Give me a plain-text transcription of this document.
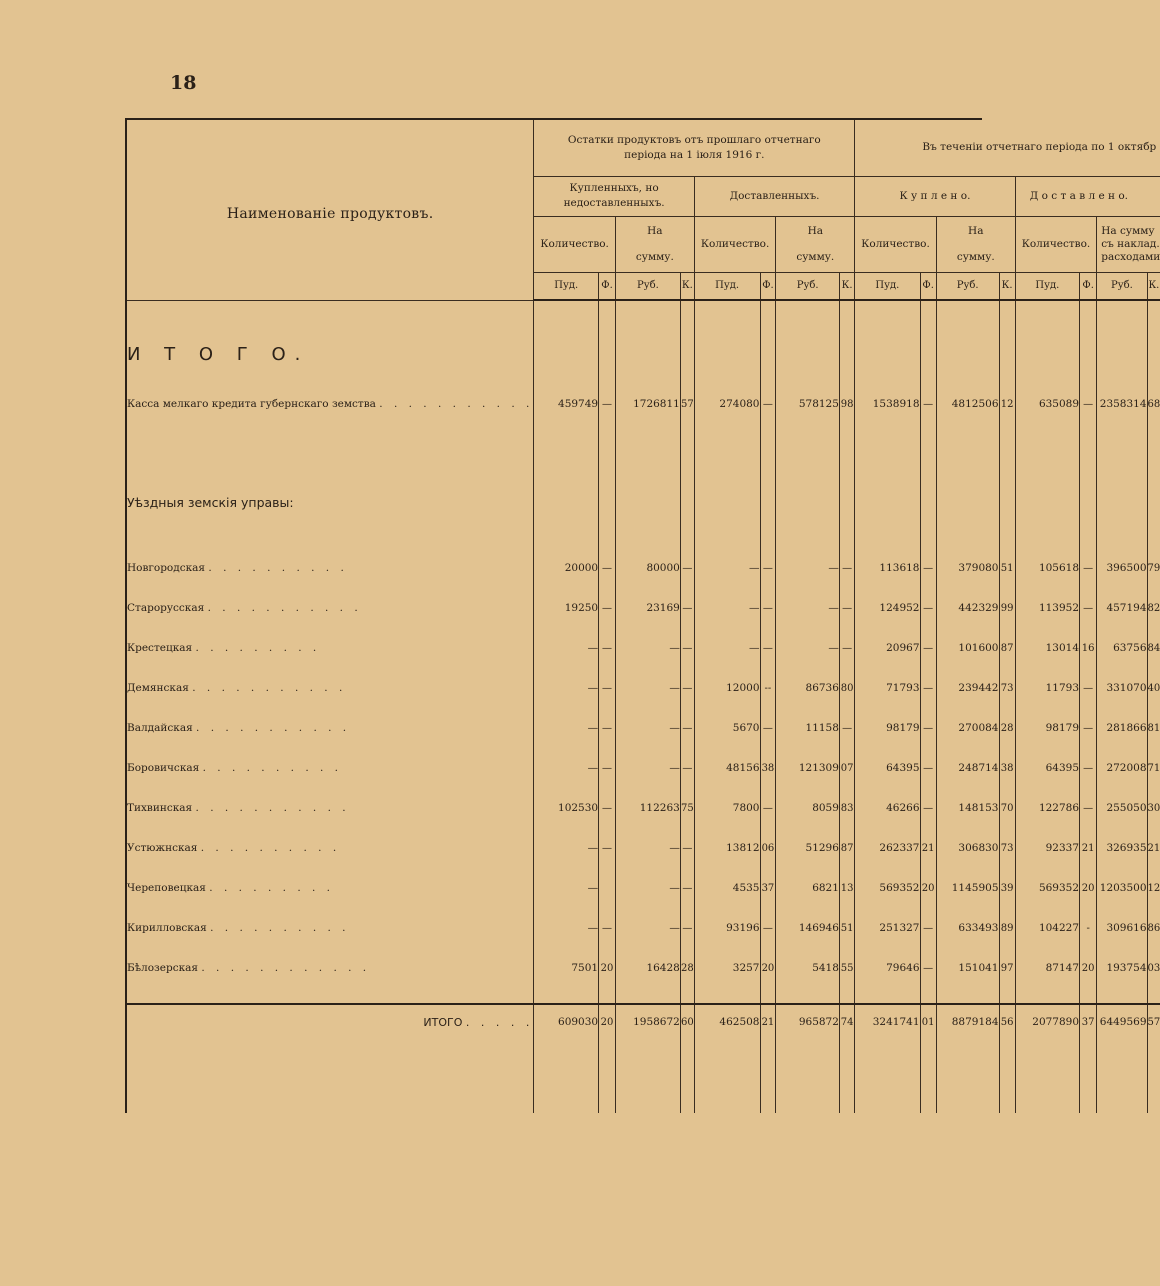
18
Наименованіе продуктовъ.	Остатки продуктовъ отъ прошлаго отчетнаго періода на 1 іюля 1916 г.								Въ теченіи отчетнаго періода по 1 октябр							
	Купленныхъ, но недоставленныхъ.				Доставленныхъ.				К у п л е н о.				Д о с т а в л е н о.			
	Количество.		На сумму.		Количество.		На сумму.		Количество.		На сумму.		Количество.		На сумму съ наклад. расходами	
	Пуд.	Ф.	Руб.	К.	Пуд.	Ф.	Руб.	К.	Пуд.	Ф.	Руб.	К.	Пуд.	Ф.	Руб.	К.

И Т О Г О.																
Касса мелкаго кредита губернскаго земства . . . . . . . . . . .	459749	—	1726811	57	274080	—	578125	98	1538918	—	4812506	12	635089	—	2358314	68

Уѣздныя земскія управы:																

Новгородская . . . . . . . . . .	20000	—	80000	—	—	—	—	—	113618	—	379080	51	105618	—	396500	79
Старорусская . . . . . . . . . . .	19250	—	23169	—	—	—	—	—	124952	—	442329	99	113952	—	457194	82
Крестецкая . . . . . . . . .	—	—	—	—	—	—	—	—	20967	—	101600	87	13014	16	63756	84
Демянская . . . . . . . . . . .	—	—	—	—	12000	--	86736	80	71793	—	239442	73	11793	—	331070	40
Валдайская . . . . . . . . . . .	—	—	—	—	5670	—	11158	—	98179	—	270084	28	98179	—	281866	81
Боровичская . . . . . . . . . .	—	—	—	—	48156	38	121309	07	64395	—	248714	38	64395	—	272008	71
Тихвинская . . . . . . . . . . .	102530	—	112263	75	7800	—	8059	83	46266	—	148153	70	122786	—	255050	30
Устюжнская . . . . . . . . . .	—	—	—	—	13812	06	51296	87	262337	21	306830	73	92337	21	326935	21
Череповецкая . . . . . . . . .	—		—	—	4535	37	6821	13	569352	20	1145905	39	569352	20	1203500	12
Кирилловская . . . . . . . . . .	—	—	—	—	93196	—	146946	51	251327	—	633493	89	104227	-	309616	86
Бѣлозерская . . . . . . . . . . . .	7501	20	16428	28	3257	20	5418	55	79646	—	151041	97	87147	20	193754	03

ИТОГО . . . . .	609030	20	1958672	60	462508	21	965872	74	3241741	01	8879184	56	2077890	37	6449569	57
